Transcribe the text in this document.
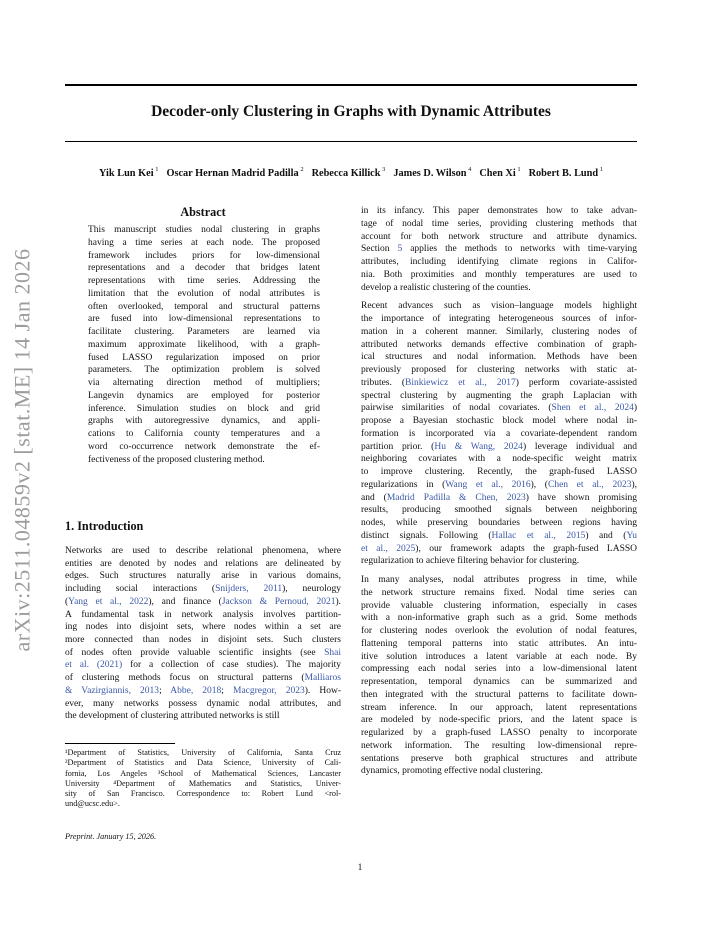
arXiv:2511.04859v2 [stat.ME] 14 Jan 2026
Decoder-only Clustering in Graphs with Dynamic Attributes
Yik Lun Kei $^1$ Oscar Hernan Madrid Padilla $^2$ Rebecca Killick $^3$ James D. Wilson $^4$ Chen Xi $^1$ Robert B. Lund $^1$
Abstract
This manuscript studies nodal clustering in graphs
having a time series at each node. The proposed
framework includes priors for low-dimensional
representations and a decoder that bridges latent
representations with time series. Addressing the
limitation that the evolution of nodal attributes is
often overlooked, temporal and structural patterns
are fused into low-dimensional representations to
facilitate clustering. Parameters are learned via
maximum approximate likelihood, with a graph-
fused LASSO regularization imposed on prior
parameters. The optimization problem is solved
via alternating direction method of multipliers;
Langevin dynamics are employed for posterior
inference. Simulation studies on block and grid
graphs with autoregressive dynamics, and appli-
cations to California county temperatures and a
word co-occurrence network demonstrate the ef-
fectiveness of the proposed clustering method.
1. Introduction
Networks are used to describe relational phenomena, where
entities are denoted by nodes and relations are delineated by
edges. Such structures naturally arise in various domains,
including social interactions (Snijders, 2011), neurology
(Yang et al., 2022), and finance (Jackson & Pernoud, 2021).
A fundamental task in network analysis involves partition-
ing nodes into disjoint sets, where nodes within a set are
more connected than nodes in disjoint sets. Such clusters
of nodes often provide valuable scientific insights (see Shai
et al. (2021) for a collection of case studies). The majority
of clustering methods focus on structural patterns (Malliaros
& Vazirgiannis, 2013; Abbe, 2018; Macgregor, 2023). How-
ever, many networks possess dynamic nodal attributes, and
the development of clustering attributed networks is still
¹Department of Statistics, University of California, Santa Cruz
²Department of Statistics and Data Science, University of Cali-
fornia, Los Angeles ³School of Mathematical Sciences, Lancaster
University ⁴Department of Mathematics and Statistics, Univer-
sity of San Francisco. Correspondence to: Robert Lund <rol-
und@ucsc.edu>.
Preprint. January 15, 2026.
in its infancy. This paper demonstrates how to take advan-
tage of nodal time series, providing clustering methods that
account for both network structure and attribute dynamics.
Section 5 applies the methods to networks with time-varying
attributes, including identifying climate regions in Califor-
nia. Both proximities and monthly temperatures are used to
develop a realistic clustering of the counties.
Recent advances such as vision–language models highlight
the importance of integrating heterogeneous sources of infor-
mation in a coherent manner. Similarly, clustering nodes of
attributed networks demands effective combination of graph-
ical structures and nodal information. Methods have been
previously proposed for clustering networks with static at-
tributes. (Binkiewicz et al., 2017) perform covariate-assisted
spectral clustering by augmenting the graph Laplacian with
pairwise similarities of nodal covariates. (Shen et al., 2024)
propose a Bayesian stochastic block model where nodal in-
formation is incorporated via a covariate-dependent random
partition prior. (Hu & Wang, 2024) leverage individual and
neighboring covariates with a node-specific weight matrix
to improve clustering. Recently, the graph-fused LASSO
regularizations in (Wang et al., 2016), (Chen et al., 2023),
and (Madrid Padilla & Chen, 2023) have shown promising
results, producing smoothed signals between neighboring
nodes, while preserving boundaries between regions having
distinct signals. Following (Hallac et al., 2015) and (Yu
et al., 2025), our framework adapts the graph-fused LASSO
regularization to achieve filtering behavior for clustering.
In many analyses, nodal attributes progress in time, while
the network structure remains fixed. Nodal time series can
provide valuable clustering information, especially in cases
with a non-informative graph such as a grid. Some methods
for clustering nodes overlook the evolution of nodal features,
flattening temporal patterns into static attributes. An intu-
itive solution introduces a latent variable at each node. By
compressing each nodal series into a low-dimensional latent
representation, temporal dynamics can be summarized and
then integrated with the structural patterns to facilitate down-
stream inference. In our approach, latent representations
are modeled by node-specific priors, and the latent space is
regularized by a graph-fused LASSO penalty to incorporate
network information. The resulting low-dimensional repre-
sentations preserve both graphical structures and attribute
dynamics, promoting effective nodal clustering.
1
